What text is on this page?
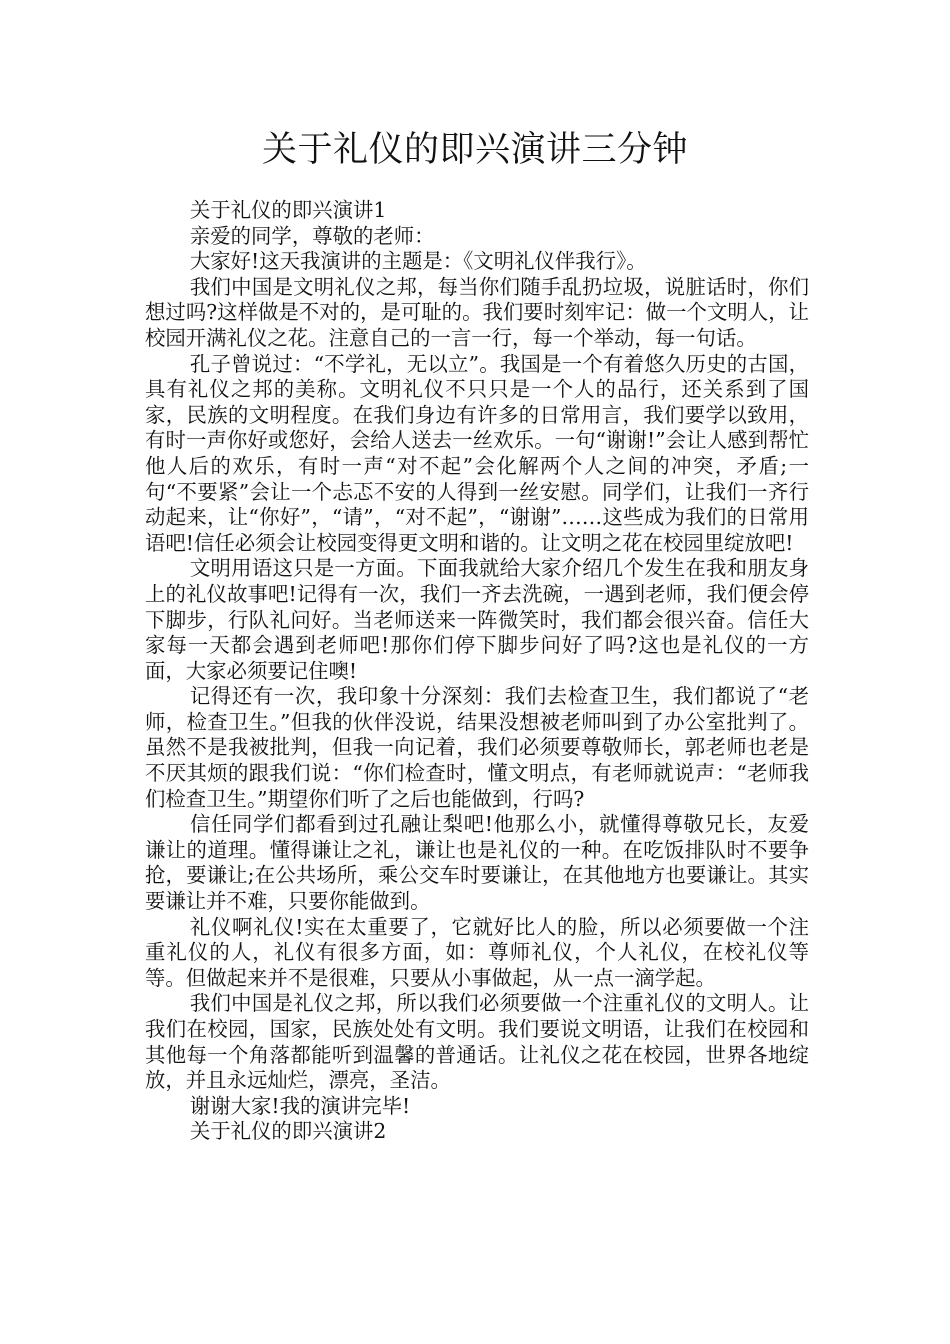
关于礼仪的即兴演讲三分钟

关于礼仪的即兴演讲1

亲爱的同学，尊敬的老师：

大家好!这天我演讲的主题是：《文明礼仪伴我行》。

我们中国是文明礼仪之邦，每当你们随手乱扔垃圾，说脏话时，你们想过吗?这样做是不对的，是可耻的。我们要时刻牢记：做一个文明人，让校园开满礼仪之花。注意自己的一言一行，每一个举动，每一句话。

孔子曾说过：“不学礼，无以立”。我国是一个有着悠久历史的古国，具有礼仪之邦的美称。文明礼仪不只只是一个人的品行，还关系到了国家，民族的文明程度。在我们身边有许多的日常用言，我们要学以致用，有时一声你好或您好，会给人送去一丝欢乐。一句“谢谢!”会让人感到帮忙他人后的欢乐，有时一声“对不起”会化解两个人之间的冲突，矛盾;一句“不要紧”会让一个忐忑不安的人得到一丝安慰。同学们，让我们一齐行动起来，让“你好”，“请”，“对不起”，“谢谢”……这些成为我们的日常用语吧!信任必须会让校园变得更文明和谐的。让文明之花在校园里绽放吧!

文明用语这只是一方面。下面我就给大家介绍几个发生在我和朋友身上的礼仪故事吧!记得有一次，我们一齐去洗碗，一遇到老师，我们便会停下脚步，行队礼问好。当老师送来一阵微笑时，我们都会很兴奋。信任大家每一天都会遇到老师吧!那你们停下脚步问好了吗?这也是礼仪的一方面，大家必须要记住噢!

记得还有一次，我印象十分深刻：我们去检查卫生，我们都说了“老师，检查卫生。”但我的伙伴没说，结果没想被老师叫到了办公室批判了。虽然不是我被批判，但我一向记着，我们必须要尊敬师长，郭老师也老是不厌其烦的跟我们说：“你们检查时，懂文明点，有老师就说声：“老师我们检查卫生。”期望你们听了之后也能做到，行吗?

信任同学们都看到过孔融让梨吧!他那么小，就懂得尊敬兄长，友爱谦让的道理。懂得谦让之礼，谦让也是礼仪的一种。在吃饭排队时不要争抢，要谦让;在公共场所，乘公交车时要谦让，在其他地方也要谦让。其实要谦让并不难，只要你能做到。

礼仪啊礼仪!实在太重要了，它就好比人的脸，所以必须要做一个注重礼仪的人，礼仪有很多方面，如：尊师礼仪，个人礼仪，在校礼仪等等。但做起来并不是很难，只要从小事做起，从一点一滴学起。

我们中国是礼仪之邦，所以我们必须要做一个注重礼仪的文明人。让我们在校园，国家，民族处处有文明。我们要说文明语，让我们在校园和其他每一个角落都能听到温馨的普通话。让礼仪之花在校园，世界各地绽放，并且永远灿烂，漂亮，圣洁。

谢谢大家!我的演讲完毕!

关于礼仪的即兴演讲2
